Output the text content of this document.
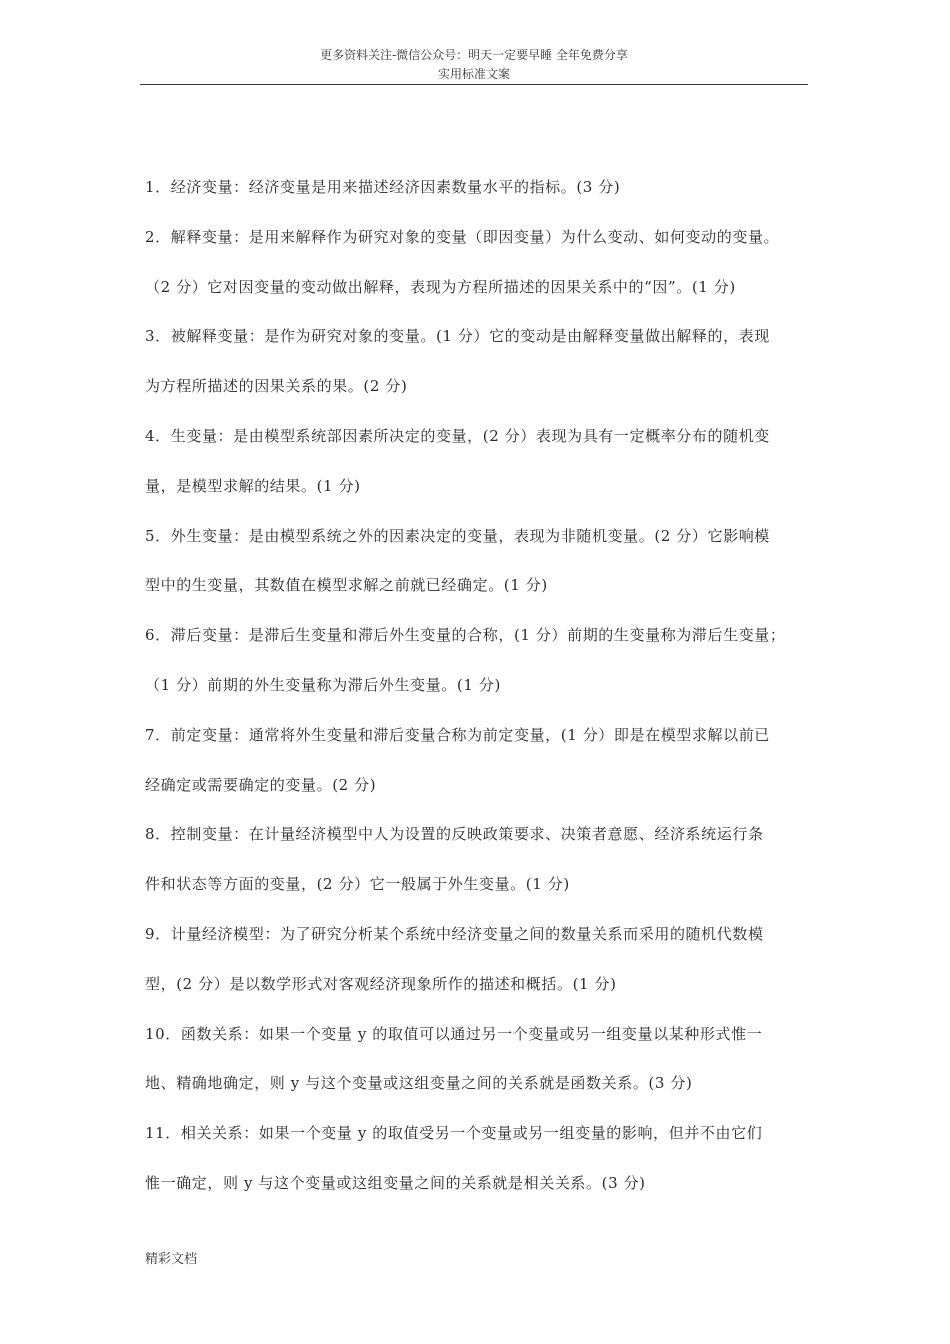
更多资料关注-微信公众号：明天一定要早睡 全年免费分享
实用标准文案
1．经济变量：经济变量是用来描述经济因素数量水平的指标。(3 分)
2．解释变量：是用来解释作为研究对象的变量（即因变量）为什么变动、如何变动的变量。
（2 分）它对因变量的变动做出解释，表现为方程所描述的因果关系中的“因”。(1 分)
3．被解释变量：是作为研究对象的变量。(1 分）它的变动是由解释变量做出解释的，表现
为方程所描述的因果关系的果。(2 分)
4．生变量：是由模型系统部因素所决定的变量，(2 分）表现为具有一定概率分布的随机变
量，是模型求解的结果。(1 分)
5．外生变量：是由模型系统之外的因素决定的变量，表现为非随机变量。(2 分）它影响模
型中的生变量，其数值在模型求解之前就已经确定。(1 分)
6．滞后变量：是滞后生变量和滞后外生变量的合称，(1 分）前期的生变量称为滞后生变量；
（1 分）前期的外生变量称为滞后外生变量。(1 分)
7．前定变量：通常将外生变量和滞后变量合称为前定变量，(1 分）即是在模型求解以前已
经确定或需要确定的变量。(2 分)
8．控制变量：在计量经济模型中人为设置的反映政策要求、决策者意愿、经济系统运行条
件和状态等方面的变量，(2 分）它一般属于外生变量。(1 分)
9．计量经济模型：为了研究分析某个系统中经济变量之间的数量关系而采用的随机代数模
型，(2 分）是以数学形式对客观经济现象所作的描述和概括。(1 分)
10．函数关系：如果一个变量 y 的取值可以通过另一个变量或另一组变量以某种形式惟一
地、精确地确定，则 y 与这个变量或这组变量之间的关系就是函数关系。(3 分)
11．相关关系：如果一个变量 y 的取值受另一个变量或另一组变量的影响，但并不由它们
惟一确定，则 y 与这个变量或这组变量之间的关系就是相关关系。(3 分)
精彩文档
